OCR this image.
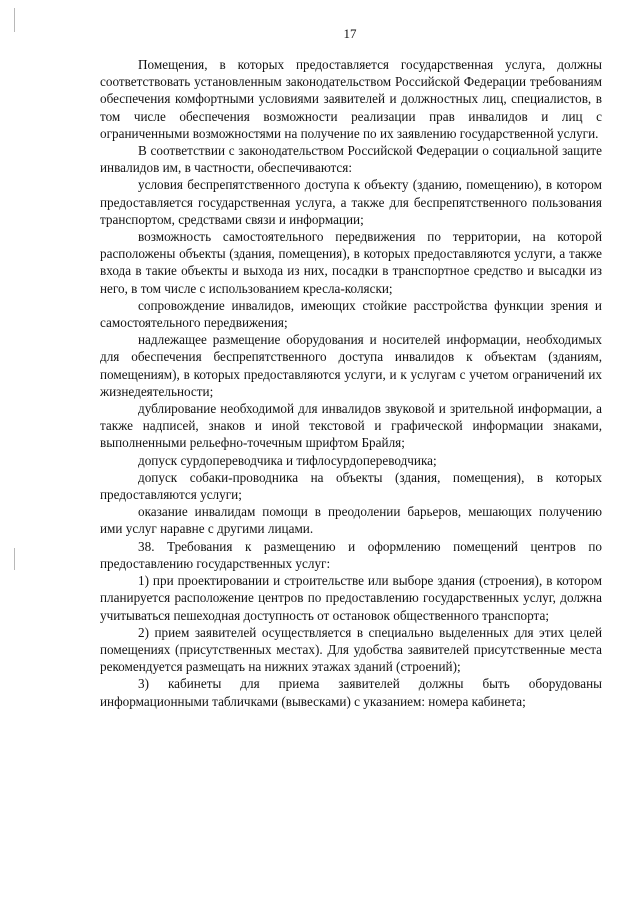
17

Помещения, в которых предоставляется государственная услуга, должны соответствовать установленным законодательством Российской Федерации требованиям обеспечения комфортными условиями заявителей и должностных лиц, специалистов, в том числе обеспечения возможности реализации прав инвалидов и лиц с ограниченными возможностями на получение по их заявлению государственной услуги.

В соответствии с законодательством Российской Федерации о социальной защите инвалидов им, в частности, обеспечиваются:

условия беспрепятственного доступа к объекту (зданию, помещению), в котором предоставляется государственная услуга, а также для беспрепятственного пользования транспортом, средствами связи и информации;

возможность самостоятельного передвижения по территории, на которой расположены объекты (здания, помещения), в которых предоставляются услуги, а также входа в такие объекты и выхода из них, посадки в транспортное средство и высадки из него, в том числе с использованием кресла-коляски;

сопровождение инвалидов, имеющих стойкие расстройства функции зрения и самостоятельного передвижения;

надлежащее размещение оборудования и носителей информации, необходимых для обеспечения беспрепятственного доступа инвалидов к объектам (зданиям, помещениям), в которых предоставляются услуги, и к услугам с учетом ограничений их жизнедеятельности;

дублирование необходимой для инвалидов звуковой и зрительной информации, а также надписей, знаков и иной текстовой и графической информации знаками, выполненными рельефно-точечным шрифтом Брайля;

допуск сурдопереводчика и тифлосурдопереводчика;

допуск собаки-проводника на объекты (здания, помещения), в которых предоставляются услуги;

оказание инвалидам помощи в преодолении барьеров, мешающих получению ими услуг наравне с другими лицами.

38. Требования к размещению и оформлению помещений центров по предоставлению государственных услуг:

1) при проектировании и строительстве или выборе здания (строения), в котором планируется расположение центров по предоставлению государственных услуг, должна учитываться пешеходная доступность от остановок общественного транспорта;

2) прием заявителей осуществляется в специально выделенных для этих целей помещениях (присутственных местах). Для удобства заявителей присутственные места рекомендуется размещать на нижних этажах зданий (строений);

3) кабинеты для приема заявителей должны быть оборудованы информационными табличками (вывесками) с указанием: номера кабинета;
